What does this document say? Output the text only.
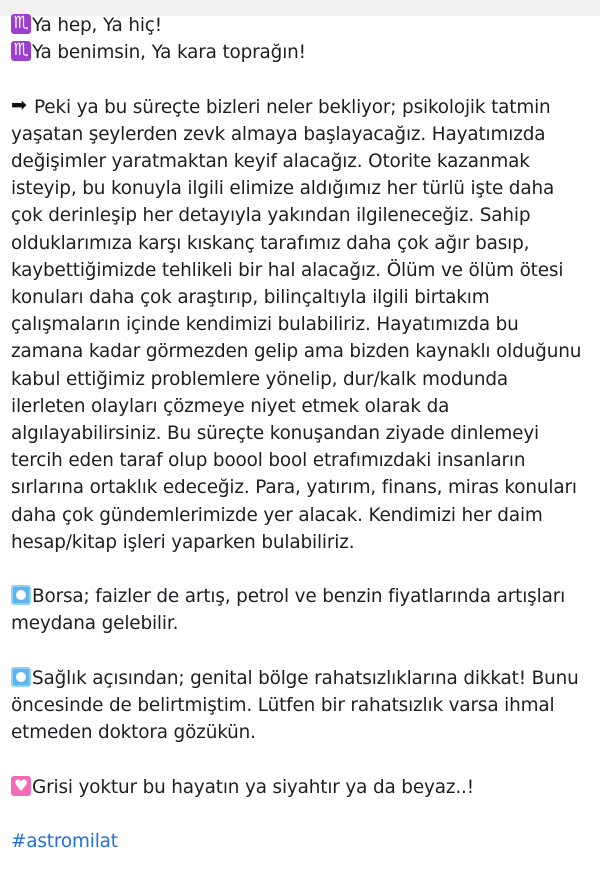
♏Ya hep, Ya hiç!
♏Ya benimsin, Ya kara toprağın!
➡Peki ya bu süreçte bizleri neler bekliyor; psikolojik tatmin
yaşatan şeylerden zevk almaya başlayacağız. Hayatımızda
değişimler yaratmaktan keyif alacağız. Otorite kazanmak
isteyip, bu konuyla ilgili elimize aldığımız her türlü işte daha
çok derinleşip her detayıyla yakından ilgileneceğiz. Sahip
olduklarımıza karşı kıskanç tarafımız daha çok ağır basıp,
kaybettiğimizde tehlikeli bir hal alacağız. Ölüm ve ölüm ötesi
konuları daha çok araştırıp, bilinçaltıyla ilgili birtakım
çalışmaların içinde kendimizi bulabiliriz. Hayatımızda bu
zamana kadar görmezden gelip ama bizden kaynaklı olduğunu
kabul ettiğimiz problemlere yönelip, dur/kalk modunda
ilerleten olayları çözmeye niyet etmek olarak da
algılayabilirsiniz. Bu süreçte konuşandan ziyade dinlemeyi
tercih eden taraf olup boool bool etrafımızdaki insanların
sırlarına ortaklık edeceğiz. Para, yatırım, finans, miras konuları
daha çok gündemlerimizde yer alacak. Kendimizi her daim
hesap/kitap işleri yaparken bulabiliriz.
Borsa; faizler de artış, petrol ve benzin fiyatlarında artışları
meydana gelebilir.
Sağlık açısından; genital bölge rahatsızlıklarına dikkat! Bunu
öncesinde de belirtmiştim. Lütfen bir rahatsızlık varsa ihmal
etmeden doktora gözükün.
♥Grisi yoktur bu hayatın ya siyahtır ya da beyaz..!
#astromilat
